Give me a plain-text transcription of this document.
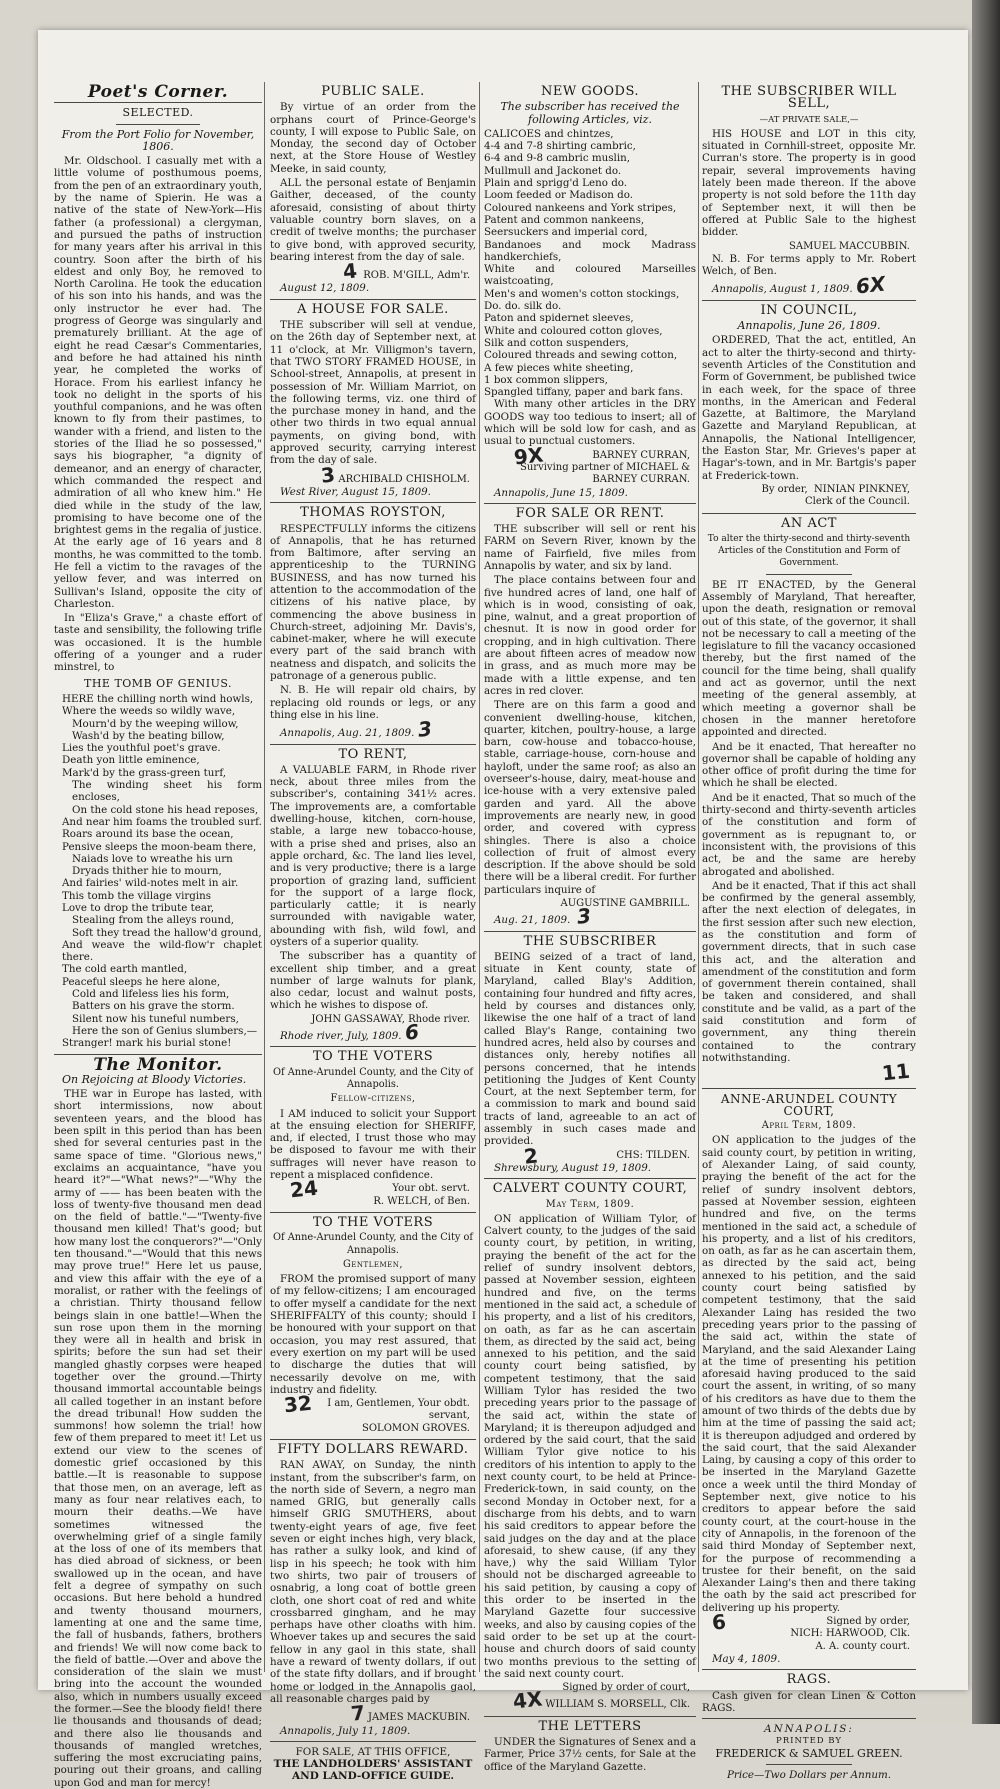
Poet's Corner.
SELECTED.
From the Port Folio for November, 1806.

Mr. Oldschool. I casually met with a little volume of posthumous poems, from the pen of an extraordinary youth, by the name of Spierin. He was a native of the state of New-York—His father (a professional) a clergyman, and pursued the paths of instruction for many years after his arrival in this country. Soon after the birth of his eldest and only Boy, he removed to North Carolina. He took the education of his son into his hands, and was the only instructor he ever had. The progress of George was singularly and prematurely brilliant. At the age of eight he read Cæsar's Commentaries, and before he had attained his ninth year, he completed the works of Horace. From his earliest infancy he took no delight in the sports of his youthful companions, and he was often known to fly from their pastimes, to wander with a friend, and listen to the stories of the Iliad he so possessed," says his biographer, "a dignity of demeanor, and an energy of character, which commanded the respect and admiration of all who knew him." He died while in the study of the law, promising to have become one of the brightest gems in the regalia of justice. At the early age of 16 years and 8 months, he was committed to the tomb. He fell a victim to the ravages of the yellow fever, and was interred on Sullivan's Island, opposite the city of Charleston.

In "Eliza's Grave," a chaste effort of taste and sensibility, the following trifle was occasioned. It is the humble offering of a younger and a ruder minstrel, to

THE TOMB OF GENIUS.

HERE the chilling north wind howls,

Where the weeds so wildly wave,

Mourn'd by the weeping willow,

Wash'd by the beating billow,

Lies the youthful poet's grave.

Death yon little eminence,

Mark'd by the grass-green turf,

The winding sheet his form encloses,

On the cold stone his head reposes,

And near him foams the troubled surf.

Roars around its base the ocean,

Pensive sleeps the moon-beam there,

Naiads love to wreathe his urn

Dryads thither hie to mourn,

And fairies' wild-notes melt in air.

This tomb the village virgins

Love to drop the tribute tear,

Stealing from the alleys round,

Soft they tread the hallow'd ground,

And weave the wild-flow'r chaplet there.

The cold earth mantled,

Peaceful sleeps he here alone,

Cold and lifeless lies his form,

Batters on his grave the storm.

Silent now his tuneful numbers,

Here the son of Genius slumbers,—

Stranger! mark his burial stone!

The Monitor.
On Rejoicing at Bloody Victories.

THE war in Europe has lasted, with short intermissions, now about seventeen years, and the blood has been spilt in this period than has been shed for several centuries past in the same space of time. "Glorious news," exclaims an acquaintance, "have you heard it?"—"What news?"—"Why the army of —— has been beaten with the loss of twenty-five thousand men dead on the field of battle."—"Twenty-five thousand men killed! That's good; but how many lost the conquerors?"—"Only ten thousand."—"Would that this news may prove true!" Here let us pause, and view this affair with the eye of a moralist, or rather with the feelings of a christian. Thirty thousand fellow beings slain in one battle!—When the sun rose upon them in the morning they were all in health and brisk in spirits; before the sun had set their mangled ghastly corpses were heaped together over the ground.—Thirty thousand immortal accountable beings all called together in an instant before the dread tribunal! How sudden the summons! how solemn the trial! how few of them prepared to meet it! Let us extend our view to the scenes of domestic grief occasioned by this battle.—It is reasonable to suppose that those men, on an average, left as many as four near relatives each, to mourn their deaths.—We have sometimes witnessed the overwhelming grief of a single family at the loss of one of its members that has died abroad of sickness, or been swallowed up in the ocean, and have felt a degree of sympathy on such occasions. But here behold a hundred and twenty thousand mourners, lamenting at one and the same time, the fall of husbands, fathers, brothers and friends! We will now come back to the field of battle.—Over and above the consideration of the slain we must bring into the account the wounded also, which in numbers usually exceed the former.—See the bloody field! there lie thousands and thousands of dead; and there also lie thousands and thousands of mangled wretches, suffering the most excruciating pains, pouring out their groans, and calling upon God and man for mercy!

PUBLIC SALE.

By virtue of an order from the orphans court of Prince-George's county, I will expose to Public Sale, on Monday, the second day of October next, at the Store House of Westley Meeke, in said county,

ALL the personal estate of Benjamin Gaither, deceased, of the county aforesaid, consisting of about thirty valuable country born slaves, on a credit of twelve months; the purchaser to give bond, with approved security, bearing interest from the day of sale.

4 ROB. M'GILL, Adm'r.
August 12, 1809.
A HOUSE FOR SALE.

THE subscriber will sell at vendue, on the 26th day of September next, at 11 o'clock, at Mr. Villigmon's tavern, that TWO STORY FRAMED HOUSE, in School-street, Annapolis, at present in possession of Mr. William Marriot, on the following terms, viz. one third of the purchase money in hand, and the other two thirds in two equal annual payments, on giving bond, with approved security, carrying interest from the day of sale.

3 ARCHIBALD CHISHOLM.
West River, August 15, 1809.
THOMAS ROYSTON,

RESPECTFULLY informs the citizens of Annapolis, that he has returned from Baltimore, after serving an apprenticeship to the TURNING BUSINESS, and has now turned his attention to the accommodation of the citizens of his native place, by commencing the above business in Church-street, adjoining Mr. Davis's, cabinet-maker, where he will execute every part of the said branch with neatness and dispatch, and solicits the patronage of a generous public.

N. B. He will repair old chairs, by replacing old rounds or legs, or any thing else in his line.

Annapolis, Aug. 21, 1809. 3
TO RENT,

A VALUABLE FARM, in Rhode river neck, about three miles from the subscriber's, containing 341½ acres. The improvements are, a comfortable dwelling-house, kitchen, corn-house, stable, a large new tobacco-house, with a prise shed and prises, also an apple orchard, &c. The land lies level, and is very productive; there is a large proportion of grazing land, sufficient for the support of a large flock, particularly cattle; it is nearly surrounded with navigable water, abounding with fish, wild fowl, and oysters of a superior quality.

The subscriber has a quantity of excellent ship timber, and a great number of large walnuts for plank, also cedar, locust and walnut posts, which he wishes to dispose of.

JOHN GASSAWAY, Rhode river.
Rhode river, July, 1809. 6
TO THE VOTERS
Of Anne-Arundel County, and the City of Annapolis.
Fellow-citizens,

I AM induced to solicit your Support at the ensuing election for SHERIFF, and, if elected, I trust those who may be disposed to favour me with their suffrages will never have reason to repent a misplaced confidence.

24	Your obt. servt.
R. WELCH, of Ben.
TO THE VOTERS
Of Anne-Arundel County, and the City of Annapolis.
Gentlemen,

FROM the promised support of many of my fellow-citizens; I am encouraged to offer myself a candidate for the next SHERIFFALTY of this county; should I be honoured with your support on that occasion, you may rest assured, that every exertion on my part will be used to discharge the duties that will necessarily devolve on me, with industry and fidelity.

32 I am, Gentlemen, Your obdt. servant,
SOLOMON GROVES.
FIFTY DOLLARS REWARD.

RAN AWAY, on Sunday, the ninth instant, from the subscriber's farm, on the north side of Severn, a negro man named GRIG, but generally calls himself GRIG SMUTHERS, about twenty-eight years of age, five feet seven or eight inches high, very black, has rather a sulky look, and kind of lisp in his speech; he took with him two shirts, two pair of trousers of osnabrig, a long coat of bottle green cloth, one short coat of red and white crossbarred gingham, and he may perhaps have other cloaths with him. Whoever takes up and secures the said fellow in any gaol in this state, shall have a reward of twenty dollars, if out of the state fifty dollars, and if brought home or lodged in the Annapolis gaol, all reasonable charges paid by

7 JAMES MACKUBIN.
Annapolis, July 11, 1809.
FOR SALE, AT THIS OFFICE,
THE LANDHOLDERS' ASSISTANT AND LAND-OFFICE GUIDE.
NEW GOODS.
The subscriber has received the following Articles, viz.
CALICOES and chintzes,
4-4 and 7-8 shirting cambric,
6-4 and 9-8 cambric muslin,
Mullmull and Jackonet do.
Plain and sprigg'd Leno do.
Loom feeded or Madison do.
Coloured nankeens and York stripes,
Patent and common nankeens,
Seersuckers and imperial cord,
Bandanoes and mock Madrass handkerchiefs,
White and coloured Marseilles waistcoating,
Men's and women's cotton stockings,
Do. do. silk do.
Paton and spidernet sleeves,
White and coloured cotton gloves,
Silk and cotton suspenders,
Coloured threads and sewing cotton,
A few pieces white sheeting,
1 box common slippers,
Spangled tiffany, paper and bark fans.

With many other articles in the DRY GOODS way too tedious to insert; all of which will be sold low for cash, and as usual to punctual customers.

9X	BARNEY CURRAN,
Surviving partner of MICHAEL & BARNEY CURRAN.
Annapolis, June 15, 1809.
FOR SALE OR RENT.

THE subscriber will sell or rent his FARM on Severn River, known by the name of Fairfield, five miles from Annapolis by water, and six by land.

The place contains between four and five hundred acres of land, one half of which is in wood, consisting of oak, pine, walnut, and a great proportion of chesnut. It is now in good order for cropping, and in high cultivation. There are about fifteen acres of meadow now in grass, and as much more may be made with a little expense, and ten acres in red clover.

There are on this farm a good and convenient dwelling-house, kitchen, quarter, kitchen, poultry-house, a large barn, cow-house and tobacco-house, stable, carriage-house, corn-house and hayloft, under the same roof; as also an overseer's-house, dairy, meat-house and ice-house with a very extensive paled garden and yard. All the above improvements are nearly new, in good order, and covered with cypress shingles. There is also a choice collection of fruit of almost every description. If the above should be sold there will be a liberal credit. For further particulars inquire of

AUGUSTINE GAMBRILL.
Aug. 21, 1809. 3
THE SUBSCRIBER

BEING seized of a tract of land, situate in Kent county, state of Maryland, called Blay's Addition, containing four hundred and fifty acres, held by courses and distances only, likewise the one half of a tract of land called Blay's Range, containing two hundred acres, held also by courses and distances only, hereby notifies all persons concerned, that he intends petitioning the Judges of Kent County Court, at the next September term, for a commission to mark and bound said tracts of land, agreeable to an act of assembly in such cases made and provided.

2	CHS: TILDEN.
Shrewsbury, August 19, 1809.
CALVERT COUNTY COURT,
May Term, 1809.

ON application of William Tylor, of Calvert county, to the judges of the said county court, by petition, in writing, praying the benefit of the act for the relief of sundry insolvent debtors, passed at November session, eighteen hundred and five, on the terms mentioned in the said act, a schedule of his property, and a list of his creditors, on oath, as far as he can ascertain them, as directed by the said act, being annexed to his petition, and the said county court being satisfied, by competent testimony, that the said William Tylor has resided the two preceding years prior to the passage of the said act, within the state of Maryland; it is thereupon adjudged and ordered by the said court, that the said William Tylor give notice to his creditors of his intention to apply to the next county court, to be held at Prince-Frederick-town, in said county, on the second Monday in October next, for a discharge from his debts, and to warn his said creditors to appear before the said judges on the day and at the place aforesaid, to shew cause, (if any they have,) why the said William Tylor should not be discharged agreeable to his said petition, by causing a copy of this order to be inserted in the Maryland Gazette four successive weeks, and also by causing copies of the said order to be set up at the court-house and church doors of said county two months previous to the setting of the said next county court.

Signed by order of court,
4X WILLIAM S. MORSELL, Clk.
THE LETTERS

UNDER the Signatures of Senex and a Farmer, Price 37½ cents, for Sale at the office of the Maryland Gazette.

THE SUBSCRIBER WILL SELL,
—AT PRIVATE SALE,—

HIS HOUSE and LOT in this city, situated in Cornhill-street, opposite Mr. Curran's store. The property is in good repair, several improvements having lately been made thereon. If the above property is not sold before the 11th day of September next, it will then be offered at Public Sale to the highest bidder.

SAMUEL MACCUBBIN.

N. B. For terms apply to Mr. Robert Welch, of Ben.

Annapolis, August 1, 1809. 6X
IN COUNCIL,
Annapolis, June 26, 1809.

ORDERED, That the act, entitled, An act to alter the thirty-second and thirty-seventh Articles of the Constitution and Form of Government, be published twice in each week, for the space of three months, in the American and Federal Gazette, at Baltimore, the Maryland Gazette and Maryland Republican, at Annapolis, the National Intelligencer, the Easton Star, Mr. Grieves's paper at Hagar's-town, and in Mr. Bartgis's paper at Frederick-town.

By order, NINIAN PINKNEY,
Clerk of the Council.
AN ACT
To alter the thirty-second and thirty-seventh Articles of the Constitution and Form of Government.

BE IT ENACTED, by the General Assembly of Maryland, That hereafter, upon the death, resignation or removal out of this state, of the governor, it shall not be necessary to call a meeting of the legislature to fill the vacancy occasioned thereby, but the first named of the council for the time being, shall qualify and act as governor, until the next meeting of the general assembly, at which meeting a governor shall be chosen in the manner heretofore appointed and directed.

And be it enacted, That hereafter no governor shall be capable of holding any other office of profit during the time for which he shall be elected.

And be it enacted, That so much of the thirty-second and thirty-seventh articles of the constitution and form of government as is repugnant to, or inconsistent with, the provisions of this act, be and the same are hereby abrogated and abolished.

And be it enacted, That if this act shall be confirmed by the general assembly, after the next election of delegates, in the first session after such new election, as the constitution and form of government directs, that in such case this act, and the alteration and amendment of the constitution and form of government therein contained, shall be taken and considered, and shall constitute and be valid, as a part of the said constitution and form of government, any thing therein contained to the contrary notwithstanding.

11
ANNE-ARUNDEL COUNTY COURT,
April Term, 1809.

ON application to the judges of the said county court, by petition in writing, of Alexander Laing, of said county, praying the benefit of the act for the relief of sundry insolvent debtors, passed at November session, eighteen hundred and five, on the terms mentioned in the said act, a schedule of his property, and a list of his creditors, on oath, as far as he can ascertain them, as directed by the said act, being annexed to his petition, and the said county court being satisfied by competent testimony, that the said Alexander Laing has resided the two preceding years prior to the passing of the said act, within the state of Maryland, and the said Alexander Laing at the time of presenting his petition aforesaid having produced to the said court the assent, in writing, of so many of his creditors as have due to them the amount of two thirds of the debts due by him at the time of passing the said act; it is thereupon adjudged and ordered by the said court, that the said Alexander Laing, by causing a copy of this order to be inserted in the Maryland Gazette once a week until the third Monday of September next, give notice to his creditors to appear before the said county court, at the court-house in the city of Annapolis, in the forenoon of the said third Monday of September next, for the purpose of recommending a trustee for their benefit, on the said Alexander Laing's then and there taking the oath by the said act prescribed for delivering up his property.

6	Signed by order,
NICH: HARWOOD, Clk.
A. A. county court.
May 4, 1809.
RAGS.

Cash given for clean Linen & Cotton RAGS.

ANNAPOLIS:
PRINTED BY
FREDERICK & SAMUEL GREEN.
Price—Two Dollars per Annum.
